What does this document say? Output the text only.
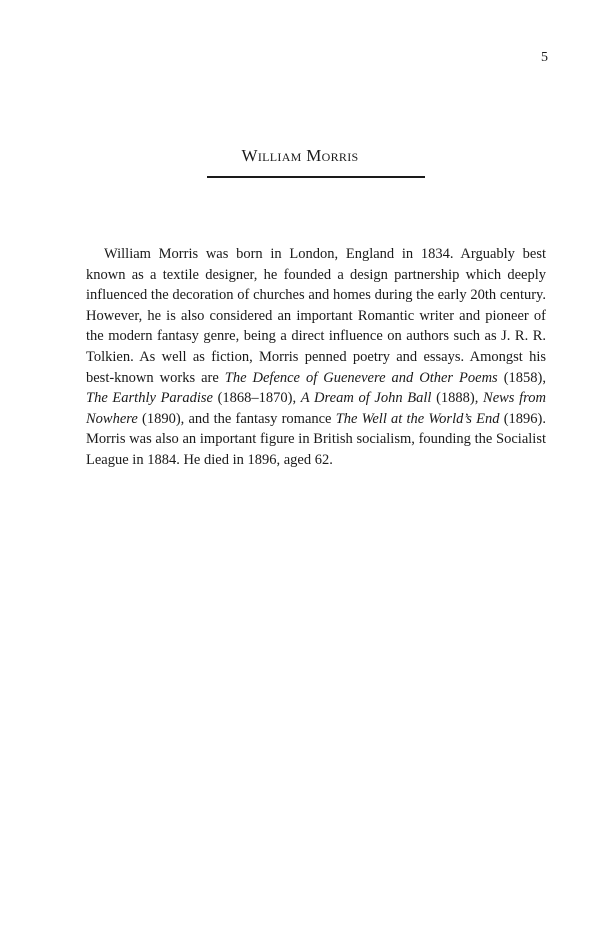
5
William Morris

William Morris was born in London, England in 1834. Arguably best known as a textile designer, he founded a design partnership which deeply influenced the decoration of churches and homes during the early 20th century. However, he is also considered an important Romantic writer and pioneer of the modern fantasy genre, being a direct influence on authors such as J. R. R. Tolkien. As well as fiction, Morris penned poetry and essays. Amongst his best-known works are The Defence of Guenevere and Other Poems (1858), The Earthly Paradise (1868–1870), A Dream of John Ball (1888), News from Nowhere (1890), and the fantasy romance The Well at the World’s End (1896). Morris was also an important figure in British socialism, founding the Socialist League in 1884. He died in 1896, aged 62.
